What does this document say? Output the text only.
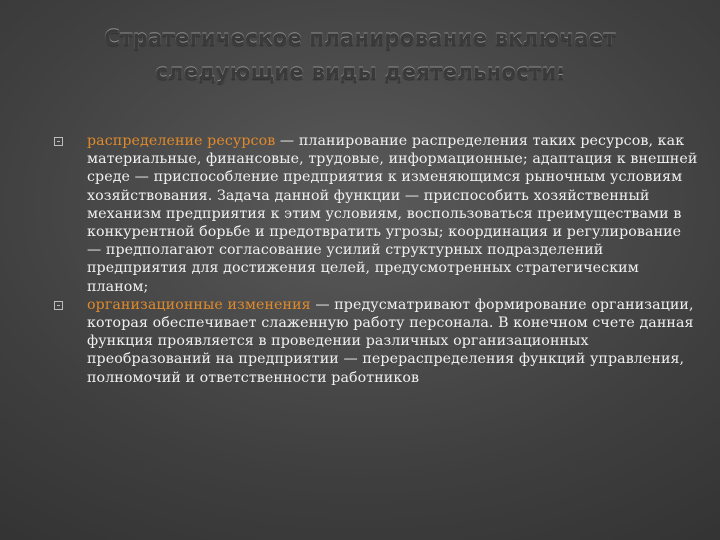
Стратегическое планирование включает следующие виды деятельности:
распределение ресурсов — планирование распределения таких ресурсов, как материальные, финансовые, трудовые, информационные; адаптация к внешней среде — приспособление предприятия к изменяющимся рыночным условиям хозяйствования. Задача данной функции — приспособить хозяйственный механизм предприятия к этим условиям, воспользоваться преимуществами в конкурентной борьбе и предотвратить угрозы; координация и регулирование — предполагают согласование усилий структурных подразделений предприятия для достижения целей, предусмотренных стратегическим планом;
организационные изменения — предусматривают формирование организации, которая обеспечивает слаженную работу персонала. В конечном счете данная функция проявляется в проведении различных организационных преобразований на предприятии — перераспределения функций управления, полномочий и ответственности работников
